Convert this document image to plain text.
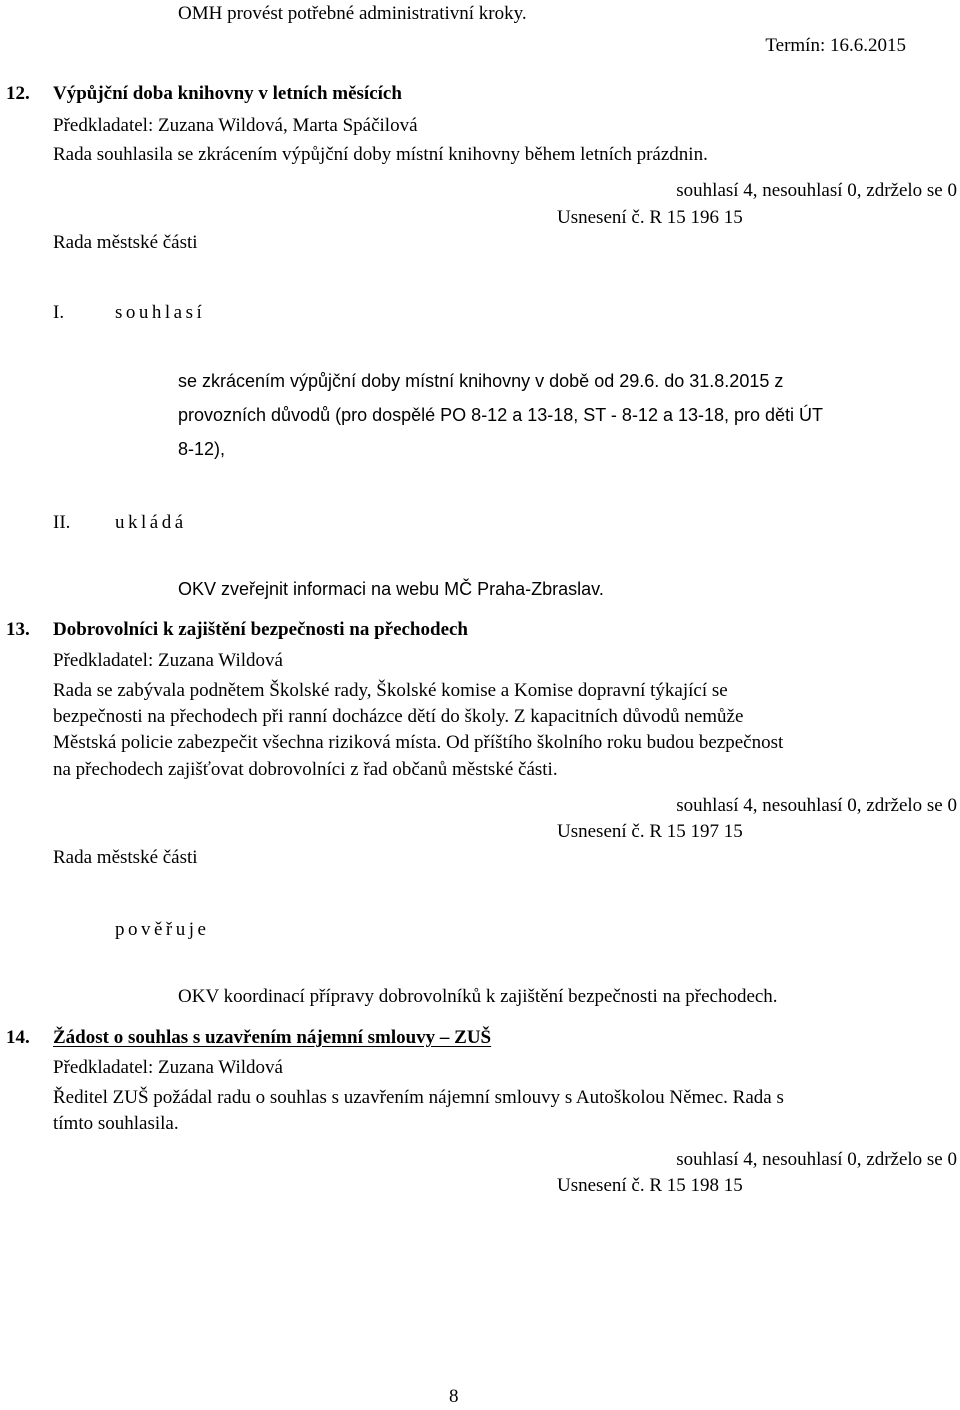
OMH provést potřebné administrativní kroky.
Termín: 16.6.2015
12. Výpůjční doba knihovny v letních měsících
Předkladatel: Zuzana Wildová, Marta Spáčilová
Rada souhlasila se zkrácením výpůjční doby místní knihovny během letních prázdnin.
souhlasí 4, nesouhlasí 0, zdrželo se 0
Usnesení č. R 15 196 15
Rada městské části
I.	souhlasí
se zkrácením výpůjční doby místní knihovny v době od 29.6. do 31.8.2015 z
provozních důvodů (pro dospělé PO 8-12 a 13-18, ST - 8-12 a 13-18, pro děti ÚT
8-12),
II. ukládá
OKV zveřejnit informaci na webu MČ Praha-Zbraslav.
13. Dobrovolníci k zajištění bezpečnosti na přechodech
Předkladatel: Zuzana Wildová
Rada se zabývala podnětem Školské rady, Školské komise a Komise dopravní týkající se
bezpečnosti na přechodech při ranní docházce dětí do školy. Z kapacitních důvodů nemůže
Městská policie zabezpečit všechna riziková místa. Od příštího školního roku budou bezpečnost
na přechodech zajišťovat dobrovolníci z řad občanů městské části.
souhlasí 4, nesouhlasí 0, zdrželo se 0
Usnesení č. R 15 197 15
Rada městské části
pověřuje
OKV koordinací přípravy dobrovolníků k zajištění bezpečnosti na přechodech.
14. Žádost o souhlas s uzavřením nájemní smlouvy – ZUŠ
Předkladatel: Zuzana Wildová
Ředitel ZUŠ požádal radu o souhlas s uzavřením nájemní smlouvy s Autoškolou Němec. Rada s
tímto souhlasila.
souhlasí 4, nesouhlasí 0, zdrželo se 0
Usnesení č. R 15 198 15
8
